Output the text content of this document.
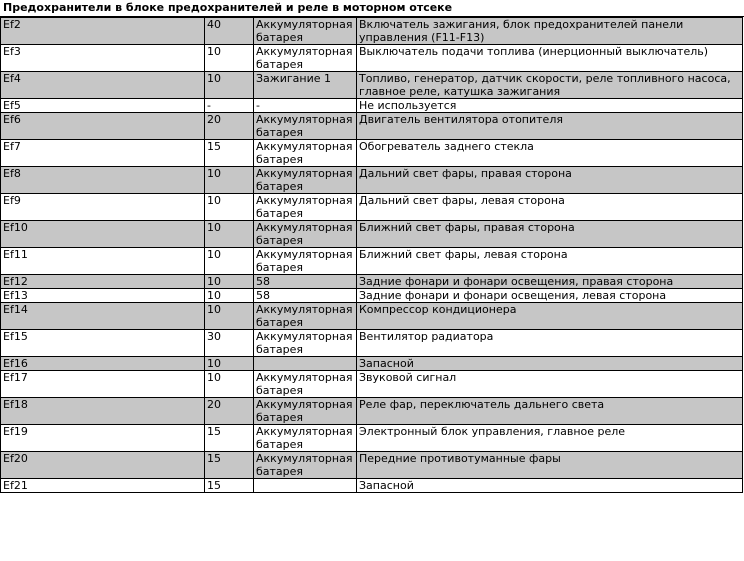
Предохранители в блоке предохранителей и реле в моторном отсеке
Ef2	40	Аккумуляторная батарея	Включатель зажигания, блок предохранителей панели управления (F11-F13)
Ef3	10	Аккумуляторная батарея	Выключатель подачи топлива (инерционный выключатель)
Ef4	10	Зажигание 1	Топливо, генератор, датчик скорости, реле топливного насоса, главное реле, катушка зажигания
Ef5	-	-	Не используется
Ef6	20	Аккумуляторная батарея	Двигатель вентилятора отопителя
Ef7	15	Аккумуляторная батарея	Обогреватель заднего стекла
Ef8	10	Аккумуляторная батарея	Дальний свет фары, правая сторона
Ef9	10	Аккумуляторная батарея	Дальний свет фары, левая сторона
Ef10	10	Аккумуляторная батарея	Ближний свет фары, правая сторона
Ef11	10	Аккумуляторная батарея	Ближний свет фары, левая сторона
Ef12	10	58	Задние фонари и фонари освещения, правая сторона
Ef13	10	58	Задние фонари и фонари освещения, левая сторона
Ef14	10	Аккумуляторная батарея	Компрессор кондиционера
Ef15	30	Аккумуляторная батарея	Вентилятор радиатора
Ef16	10		Запасной
Ef17	10	Аккумуляторная батарея	Звуковой сигнал
Ef18	20	Аккумуляторная батарея	Реле фар, переключатель дальнего света
Ef19	15	Аккумуляторная батарея	Электронный блок управления, главное реле
Ef20	15	Аккумуляторная батарея	Передние противотуманные фары
Ef21	15		Запасной
